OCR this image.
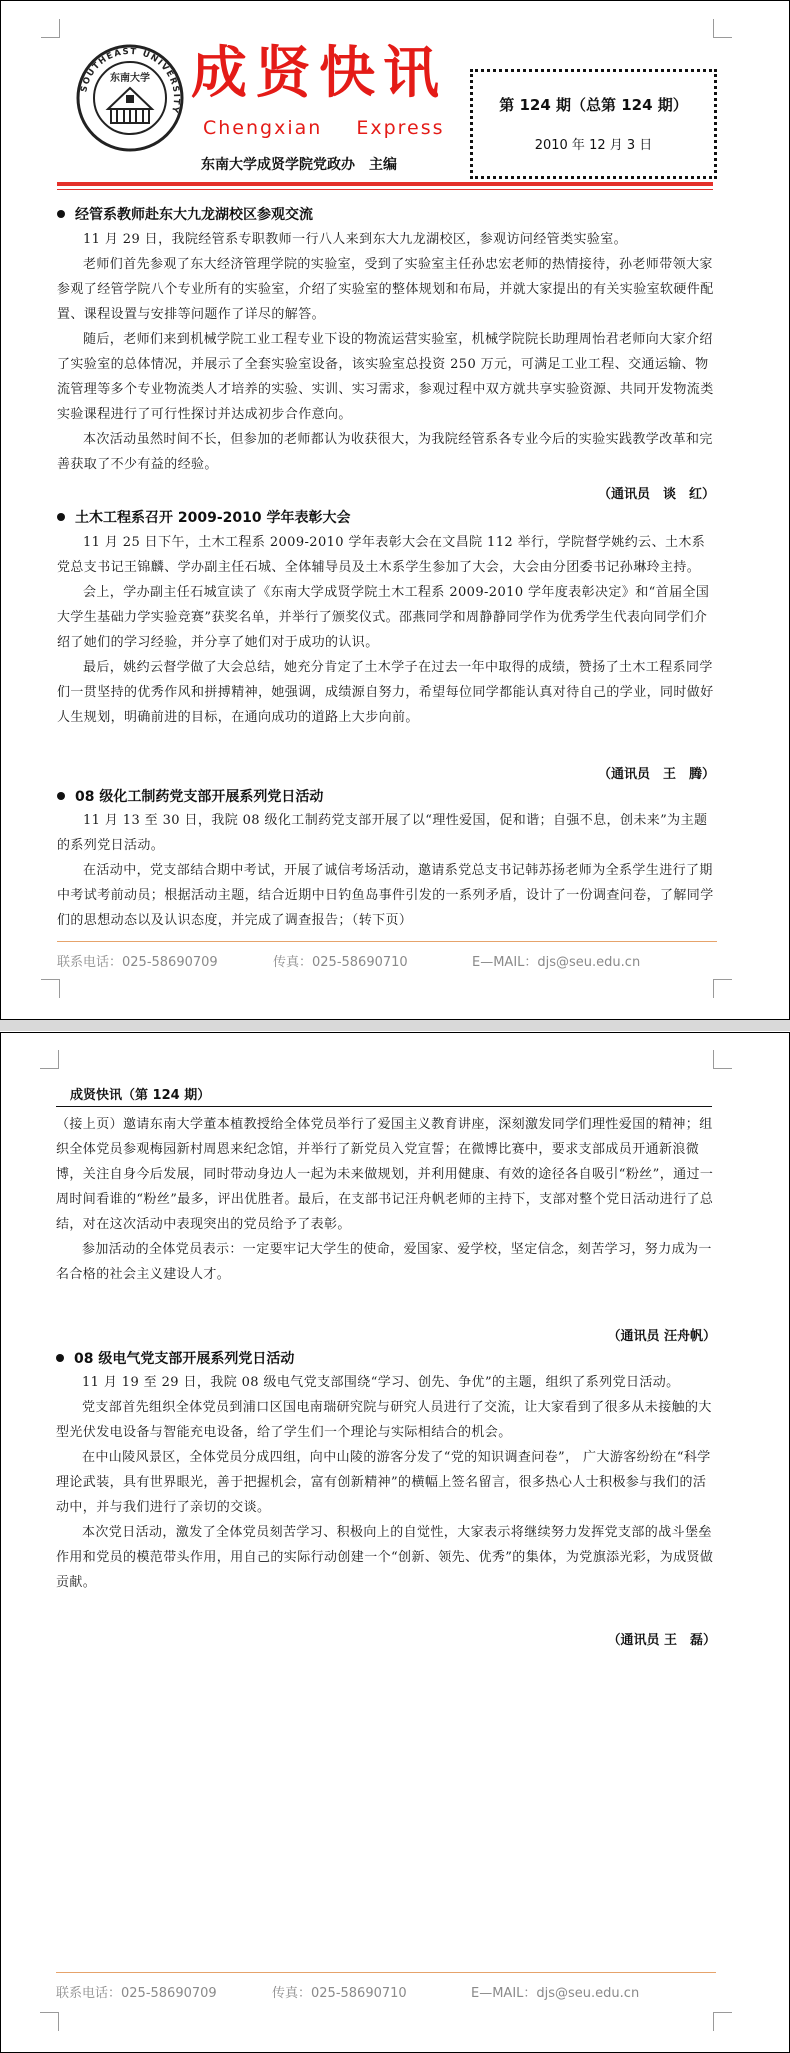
SOUTHEAST UNIVERSITY
东南大学 成贤快讯
Chengxian Express
东南大学成贤学院党政办　主编
第 124 期（总第 124 期）
2010 年 12 月 3 日
经管系教师赴东大九龙湖校区参观交流

11 月 29 日，我院经管系专职教师一行八人来到东大九龙湖校区，参观访问经管类实验室。

老师们首先参观了东大经济管理学院的实验室，受到了实验室主任孙忠宏老师的热情接待，孙老师带领大家参观了经管学院八个专业所有的实验室，介绍了实验室的整体规划和布局，并就大家提出的有关实验室软硬件配置、课程设置与安排等问题作了详尽的解答。

随后，老师们来到机械学院工业工程专业下设的物流运营实验室，机械学院院长助理周怡君老师向大家介绍了实验室的总体情况，并展示了全套实验室设备，该实验室总投资 250 万元，可满足工业工程、交通运输、物流管理等多个专业物流类人才培养的实验、实训、实习需求，参观过程中双方就共享实验资源、共同开发物流类实验课程进行了可行性探讨并达成初步合作意向。

本次活动虽然时间不长，但参加的老师都认为收获很大，为我院经管系各专业今后的实验实践教学改革和完善获取了不少有益的经验。

（通讯员　谈　红）
土木工程系召开 2009-2010 学年表彰大会

11 月 25 日下午，土木工程系 2009-2010 学年表彰大会在文昌院 112 举行，学院督学姚约云、土木系党总支书记王锦麟、学办副主任石城、全体辅导员及土木系学生参加了大会，大会由分团委书记孙琳玲主持。

会上，学办副主任石城宣读了《东南大学成贤学院土木工程系 2009-2010 学年度表彰决定》和“首届全国大学生基础力学实验竞赛”获奖名单，并举行了颁奖仪式。邵燕同学和周静静同学作为优秀学生代表向同学们介绍了她们的学习经验，并分享了她们对于成功的认识。

最后，姚约云督学做了大会总结，她充分肯定了土木学子在过去一年中取得的成绩，赞扬了土木工程系同学们一贯坚持的优秀作风和拼搏精神，她强调，成绩源自努力，希望每位同学都能认真对待自己的学业，同时做好人生规划，明确前进的目标，在通向成功的道路上大步向前。

（通讯员　王　腾）
08 级化工制药党支部开展系列党日活动

11 月 13 至 30 日，我院 08 级化工制药党支部开展了以“理性爱国，促和谐；自强不息，创未来”为主题的系列党日活动。

在活动中，党支部结合期中考试，开展了诚信考场活动，邀请系党总支书记韩苏扬老师为全系学生进行了期中考试考前动员；根据活动主题，结合近期中日钓鱼岛事件引发的一系列矛盾，设计了一份调查问卷，了解同学们的思想动态以及认识态度，并完成了调查报告；（转下页）

联系电话：025-58690709	传真：025-58690710	E—MAIL：djs@seu.edu.cn
成贤快讯（第 124 期）

（接上页）邀请东南大学董本植教授给全体党员举行了爱国主义教育讲座，深刻激发同学们理性爱国的精神；组织全体党员参观梅园新村周恩来纪念馆，并举行了新党员入党宣誓；在微博比赛中，要求支部成员开通新浪微博，关注自身今后发展，同时带动身边人一起为未来做规划，并利用健康、有效的途径各自吸引“粉丝”，通过一周时间看谁的“粉丝”最多，评出优胜者。最后，在支部书记汪舟帆老师的主持下，支部对整个党日活动进行了总结，对在这次活动中表现突出的党员给予了表彰。

参加活动的全体党员表示：一定要牢记大学生的使命，爱国家、爱学校，坚定信念，刻苦学习，努力成为一名合格的社会主义建设人才。

（通讯员 汪舟帆）
08 级电气党支部开展系列党日活动

11 月 19 至 29 日，我院 08 级电气党支部围绕“学习、创先、争优”的主题，组织了系列党日活动。

党支部首先组织全体党员到浦口区国电南瑞研究院与研究人员进行了交流，让大家看到了很多从未接触的大型光伏发电设备与智能充电设备，给了学生们一个理论与实际相结合的机会。

在中山陵风景区，全体党员分成四组，向中山陵的游客分发了“党的知识调查问卷”， 广大游客纷纷在“科学理论武装，具有世界眼光，善于把握机会，富有创新精神”的横幅上签名留言，很多热心人士积极参与我们的活动中，并与我们进行了亲切的交谈。

本次党日活动，激发了全体党员刻苦学习、积极向上的自觉性，大家表示将继续努力发挥党支部的战斗堡垒作用和党员的模范带头作用，用自己的实际行动创建一个“创新、领先、优秀”的集体，为党旗添光彩，为成贤做贡献。

（通讯员 王　磊）
联系电话：025-58690709	传真：025-58690710	E—MAIL：djs@seu.edu.cn
